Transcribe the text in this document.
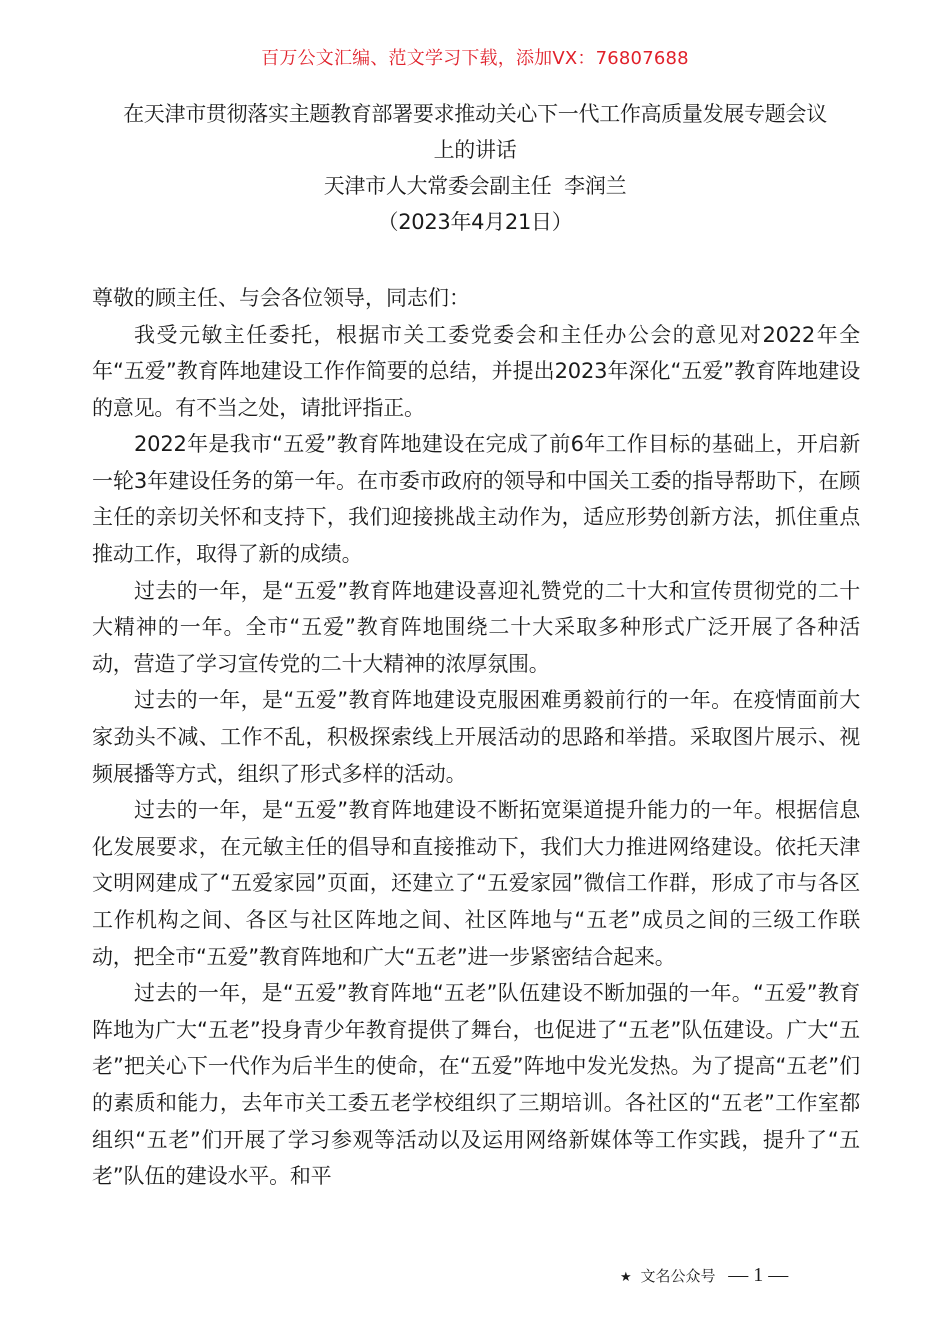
百万公文汇编、范文学习下载，添加VX：76807688
在天津市贯彻落实主题教育部署要求推动关心下一代工作高质量发展专题会议
上的讲话
天津市人大常委会副主任  李润兰
（2023年4月21日）

尊敬的顾主任、与会各位领导，同志们：

我受元敏主任委托，根据市关工委党委会和主任办公会的意见对2022年全年“五爱”教育阵地建设工作作简要的总结，并提出2023年深化“五爱”教育阵地建设的意见。有不当之处，请批评指正。

2022年是我市“五爱”教育阵地建设在完成了前6年工作目标的基础上，开启新一轮3年建设任务的第一年。在市委市政府的领导和中国关工委的指导帮助下，在顾主任的亲切关怀和支持下，我们迎接挑战主动作为，适应形势创新方法，抓住重点推动工作，取得了新的成绩。

过去的一年，是“五爱”教育阵地建设喜迎礼赞党的二十大和宣传贯彻党的二十大精神的一年。全市“五爱”教育阵地围绕二十大采取多种形式广泛开展了各种活动，营造了学习宣传党的二十大精神的浓厚氛围。

过去的一年，是“五爱”教育阵地建设克服困难勇毅前行的一年。在疫情面前大家劲头不减、工作不乱，积极探索线上开展活动的思路和举措。采取图片展示、视频展播等方式，组织了形式多样的活动。

过去的一年，是“五爱”教育阵地建设不断拓宽渠道提升能力的一年。根据信息化发展要求，在元敏主任的倡导和直接推动下，我们大力推进网络建设。依托天津文明网建成了“五爱家园”页面，还建立了“五爱家园”微信工作群，形成了市与各区工作机构之间、各区与社区阵地之间、社区阵地与“五老”成员之间的三级工作联动，把全市“五爱”教育阵地和广大“五老”进一步紧密结合起来。

过去的一年，是“五爱”教育阵地“五老”队伍建设不断加强的一年。“五爱”教育阵地为广大“五老”投身青少年教育提供了舞台，也促进了“五老”队伍建设。广大“五老”把关心下一代作为后半生的使命，在“五爱”阵地中发光发热。为了提高“五老”们的素质和能力，去年市关工委五老学校组织了三期培训。各社区的“五老”工作室都组织“五老”们开展了学习参观等活动以及运用网络新媒体等工作实践，提升了“五老”队伍的建设水平。和平

★ 文名公众号 — 1 —
